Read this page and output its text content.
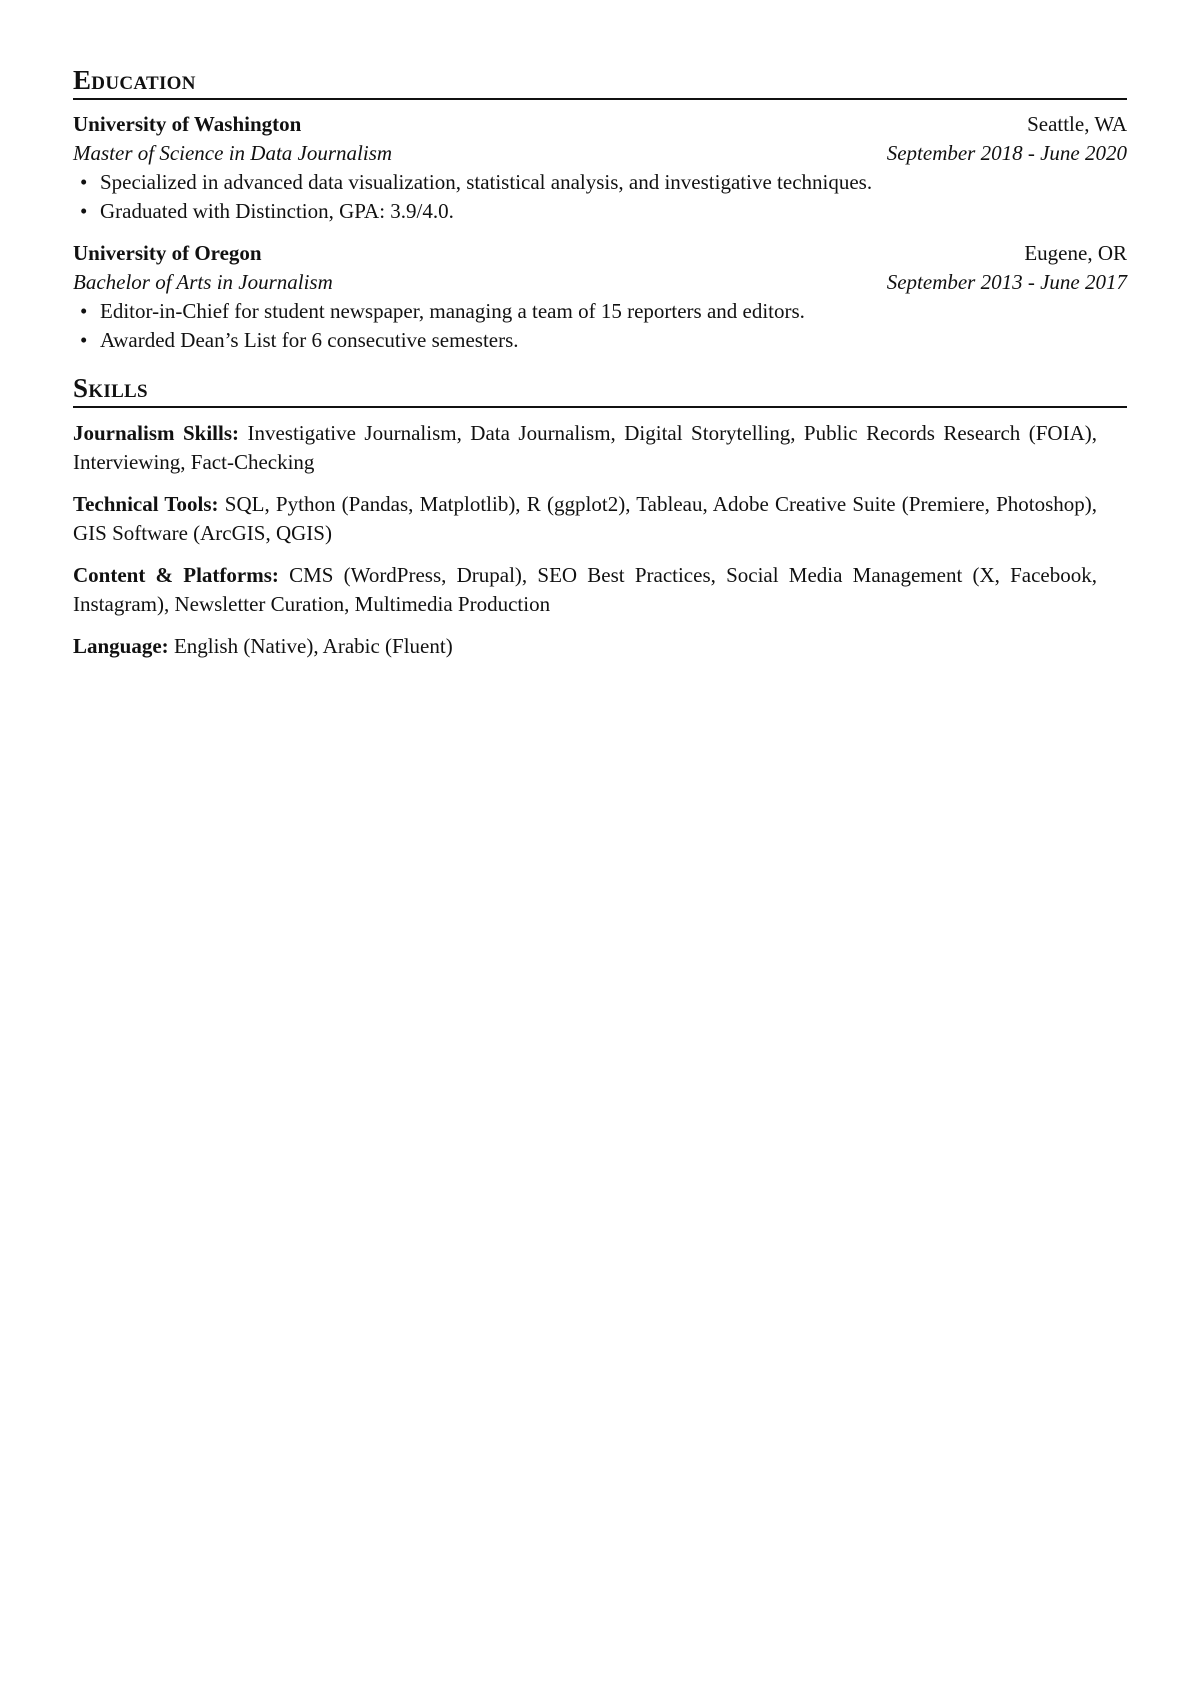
Education
University of Washington	Seattle, WA
Master of Science in Data Journalism	September 2018 - June 2020
• Specialized in advanced data visualization, statistical analysis, and investigative techniques.
• Graduated with Distinction, GPA: 3.9/4.0.
University of Oregon	Eugene, OR
Bachelor of Arts in Journalism	September 2013 - June 2017
• Editor-in-Chief for student newspaper, managing a team of 15 reporters and editors.
• Awarded Dean’s List for 6 consecutive semesters.
Skills

Journalism Skills: Investigative Journalism, Data Journalism, Digital Storytelling, Public Records Research (FOIA), Interviewing, Fact-Checking

Technical Tools: SQL, Python (Pandas, Matplotlib), R (ggplot2), Tableau, Adobe Creative Suite (Premiere, Photoshop), GIS Software (ArcGIS, QGIS)

Content & Platforms: CMS (WordPress, Drupal), SEO Best Practices, Social Media Management (X, Facebook, Instagram), Newsletter Curation, Multimedia Production

Language: English (Native), Arabic (Fluent)
